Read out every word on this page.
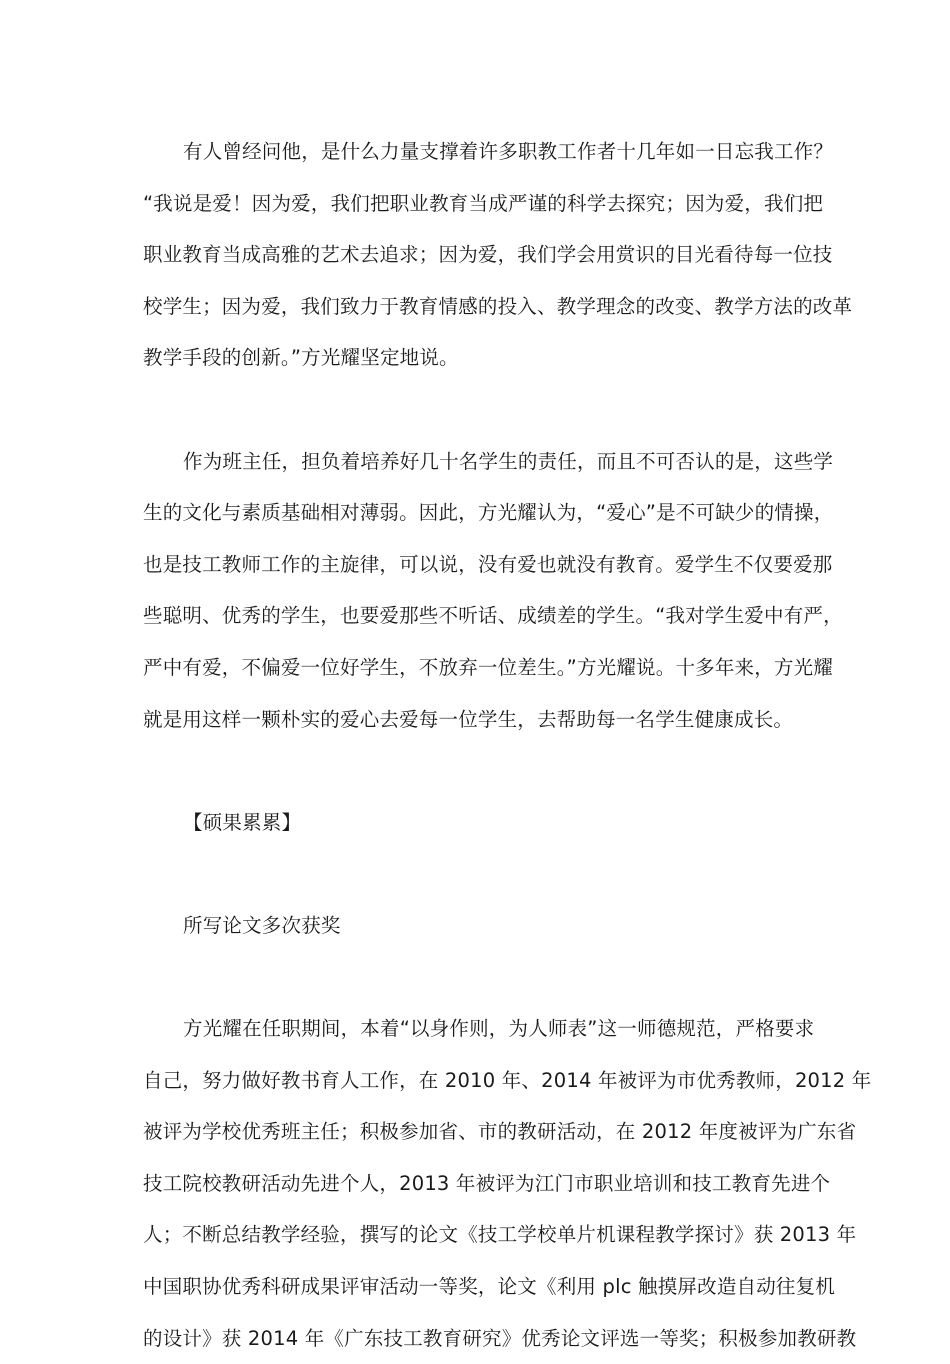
有人曾经问他，是什么力量支撑着许多职教工作者十几年如一日忘我工作？
“我说是爱！因为爱，我们把职业教育当成严谨的科学去探究；因为爱，我们把
职业教育当成高雅的艺术去追求；因为爱，我们学会用赏识的目光看待每一位技
校学生；因为爱，我们致力于教育情感的投入、教学理念的改变、教学方法的改革
教学手段的创新。”方光耀坚定地说。
作为班主任，担负着培养好几十名学生的责任，而且不可否认的是，这些学
生的文化与素质基础相对薄弱。因此，方光耀认为，“爱心”是不可缺少的情操，
也是技工教师工作的主旋律，可以说，没有爱也就没有教育。爱学生不仅要爱那
些聪明、优秀的学生，也要爱那些不听话、成绩差的学生。“我对学生爱中有严，
严中有爱，不偏爱一位好学生，不放弃一位差生。”方光耀说。十多年来，方光耀
就是用这样一颗朴实的爱心去爱每一位学生，去帮助每一名学生健康成长。
【硕果累累】
所写论文多次获奖
方光耀在任职期间，本着“以身作则，为人师表”这一师德规范，严格要求
自己，努力做好教书育人工作，在 2010 年、2014 年被评为市优秀教师，2012 年
被评为学校优秀班主任；积极参加省、市的教研活动，在 2012 年度被评为广东省
技工院校教研活动先进个人，2013 年被评为江门市职业培训和技工教育先进个
人；不断总结教学经验，撰写的论文《技工学校单片机课程教学探讨》获 2013 年
中国职协优秀科研成果评审活动一等奖，论文《利用 plc 触摸屏改造自动往复机
的设计》获 2014 年《广东技工教育研究》优秀论文评选一等奖；积极参加教研教
